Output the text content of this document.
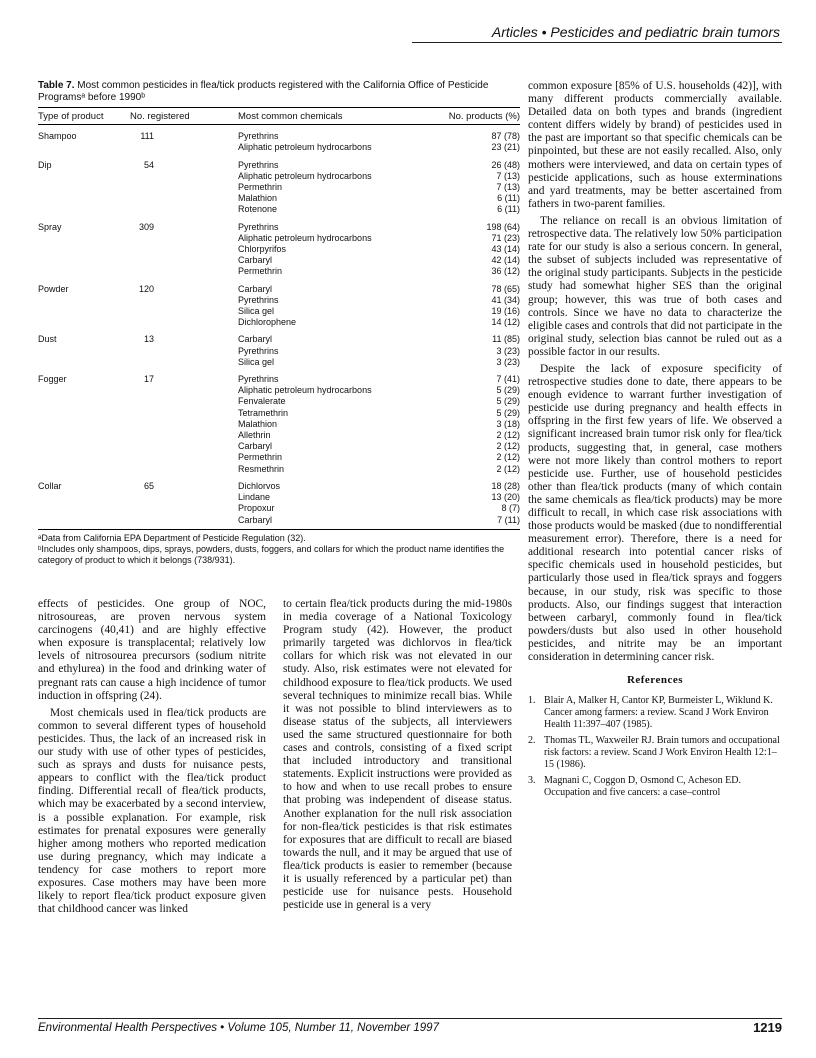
Articles • Pesticides and pediatric brain tumors
Table 7. Most common pesticides in flea/tick products registered with the California Office of Pesticide Programsᵃ before 1990ᵇ
Type of product	No. registered	Most common chemicals	No. products (%)
Shampoo	111	Pyrethrins	87 (78)
		Aliphatic petroleum hydrocarbons	23 (21)
Dip	54	Pyrethrins	26 (48)
		Aliphatic petroleum hydrocarbons	7 (13)
		Permethrin	7 (13)
		Malathion	6 (11)
		Rotenone	6 (11)
Spray	309	Pyrethrins	198 (64)
		Aliphatic petroleum hydrocarbons	71 (23)
		Chlorpyrifos	43 (14)
		Carbaryl	42 (14)
		Permethrin	36 (12)
Powder	120	Carbaryl	78 (65)
		Pyrethrins	41 (34)
		Silica gel	19 (16)
		Dichlorophene	14 (12)
Dust	13	Carbaryl	11 (85)
		Pyrethrins	3 (23)
		Silica gel	3 (23)
Fogger	17	Pyrethrins	7 (41)
		Aliphatic petroleum hydrocarbons	5 (29)
		Fenvalerate	5 (29)
		Tetramethrin	5 (29)
		Malathion	3 (18)
		Allethrin	2 (12)
		Carbaryl	2 (12)
		Permethrin	2 (12)
		Resmethrin	2 (12)
Collar	65	Dichlorvos	18 (28)
		Lindane	13 (20)
		Propoxur	8 (7)
		Carbaryl	7 (11)
ᵃData from California EPA Department of Pesticide Regulation (32).
ᵇIncludes only shampoos, dips, sprays, powders, dusts, foggers, and collars for which the product name identifies the category of product to which it belongs (738/931).

effects of pesticides. One group of NOC, nitrosoureas, are proven nervous system carcinogens (40,41) and are highly effective when exposure is transplacental; relatively low levels of nitrosourea precursors (sodium nitrite and ethylurea) in the food and drinking water of pregnant rats can cause a high incidence of tumor induction in offspring (24).

Most chemicals used in flea/tick products are common to several different types of household pesticides. Thus, the lack of an increased risk in our study with use of other types of pesticides, such as sprays and dusts for nuisance pests, appears to conflict with the flea/tick product finding. Differential recall of flea/tick products, which may be exacerbated by a second interview, is a possible explanation. For example, risk estimates for prenatal exposures were generally higher among mothers who reported medication use during pregnancy, which may indicate a tendency for case mothers to report more exposures. Case mothers may have been more likely to report flea/tick product exposure given that childhood cancer was linked

to certain flea/tick products during the mid-1980s in media coverage of a National Toxicology Program study (42). However, the product primarily targeted was dichlorvos in flea/tick collars for which risk was not elevated in our study. Also, risk estimates were not elevated for childhood exposure to flea/tick products. We used several techniques to minimize recall bias. While it was not possible to blind interviewers as to disease status of the subjects, all interviewers used the same structured questionnaire for both cases and controls, consisting of a fixed script that included introductory and transitional statements. Explicit instructions were provided as to how and when to use recall probes to ensure that probing was independent of disease status. Another explanation for the null risk association for non-flea/tick pesticides is that risk estimates for exposures that are difficult to recall are biased towards the null, and it may be argued that use of flea/tick products is easier to remember (because it is usually referenced by a particular pet) than pesticide use for nuisance pests. Household pesticide use in general is a very

common exposure [85% of U.S. households (42)], with many different products commercially available. Detailed data on both types and brands (ingredient content differs widely by brand) of pesticides used in the past are important so that specific chemicals can be pinpointed, but these are not easily recalled. Also, only mothers were interviewed, and data on certain types of pesticide applications, such as house exterminations and yard treatments, may be better ascertained from fathers in two-parent families.

The reliance on recall is an obvious limitation of retrospective data. The relatively low 50% participation rate for our study is also a serious concern. In general, the subset of subjects included was representative of the original study participants. Subjects in the pesticide study had somewhat higher SES than the original group; however, this was true of both cases and controls. Since we have no data to characterize the eligible cases and controls that did not participate in the original study, selection bias cannot be ruled out as a possible factor in our results.

Despite the lack of exposure specificity of retrospective studies done to date, there appears to be enough evidence to warrant further investigation of pesticide use during pregnancy and health effects in offspring in the first few years of life. We observed a significant increased brain tumor risk only for flea/tick products, suggesting that, in general, case mothers were not more likely than control mothers to report pesticide use. Further, use of household pesticides other than flea/tick products (many of which contain the same chemicals as flea/tick products) may be more difficult to recall, in which case risk associations with those products would be masked (due to nondifferential measurement error). Therefore, there is a need for additional research into potential cancer risks of specific chemicals used in household pesticides, but particularly those used in flea/tick sprays and foggers because, in our study, risk was specific to those products. Also, our findings suggest that interaction between carbaryl, commonly found in flea/tick powders/dusts but also used in other household pesticides, and nitrite may be an important consideration in determining cancer risk.

References
1. Blair A, Malker H, Cantor KP, Burmeister L, Wiklund K. Cancer among farmers: a review. Scand J Work Environ Health 11:397–407 (1985).
2. Thomas TL, Waxweiler RJ. Brain tumors and occupational risk factors: a review. Scand J Work Environ Health 12:1–15 (1986).
3. Magnani C, Coggon D, Osmond C, Acheson ED. Occupation and five cancers: a case–control
Environmental Health Perspectives • Volume 105, Number 11, November 1997	1219
